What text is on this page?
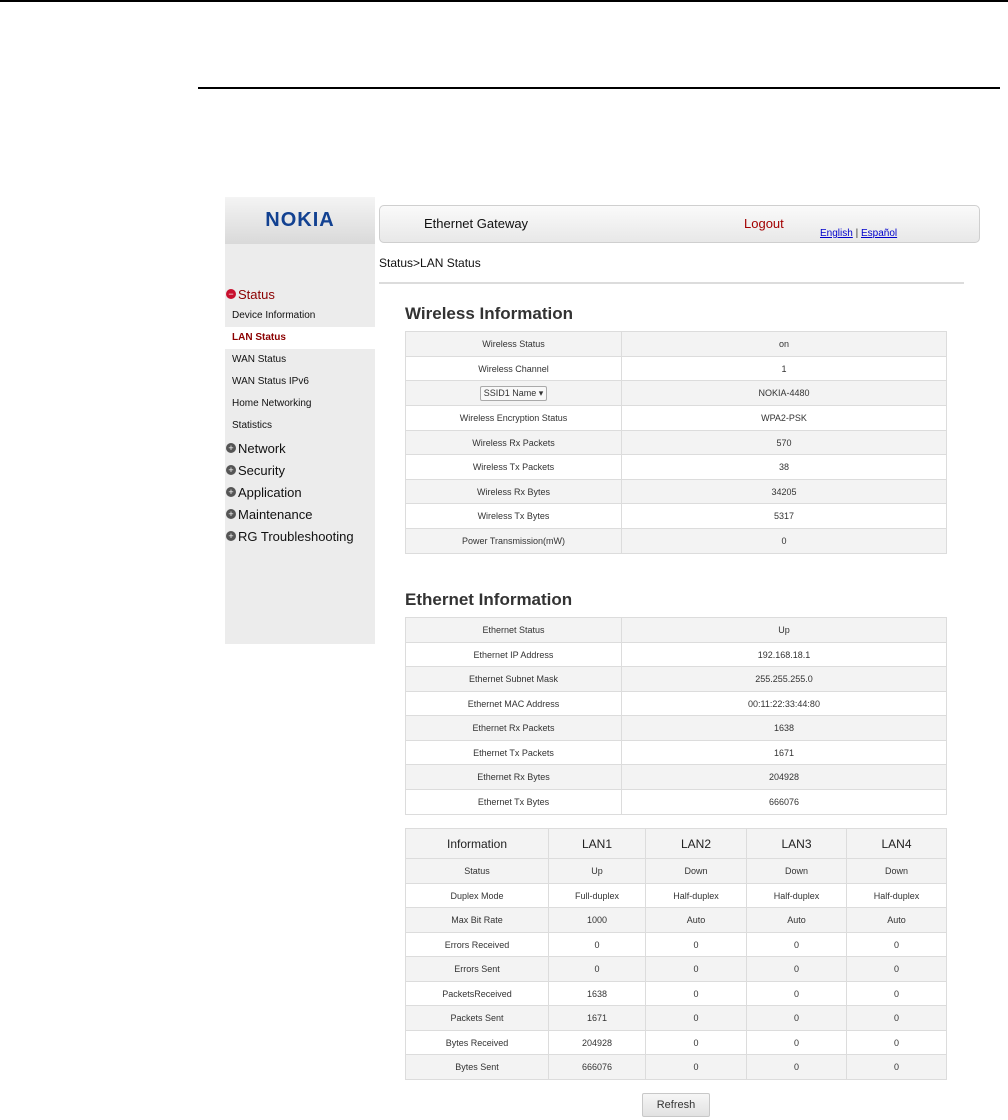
NOKIA
− Status
Device Information
LAN Status
WAN Status
WAN Status IPv6
Home Networking
Statistics
+ Network
+ Security
+ Application
+ Maintenance
+ RG Troubleshooting
Ethernet Gateway	Logout
English | Español
Status>LAN Status
Wireless Information
Wireless Status	on
Wireless Channel	1
SSID1 Name ▾	NOKIA-4480
Wireless Encryption Status	WPA2-PSK
Wireless Rx Packets	570
Wireless Tx Packets	38
Wireless Rx Bytes	34205
Wireless Tx Bytes	5317
Power Transmission(mW)	0
Ethernet Information
Ethernet Status	Up
Ethernet IP Address	192.168.18.1
Ethernet Subnet Mask	255.255.255.0
Ethernet MAC Address	00:11:22:33:44:80
Ethernet Rx Packets	1638
Ethernet Tx Packets	1671
Ethernet Rx Bytes	204928
Ethernet Tx Bytes	666076
Information	LAN1	LAN2	LAN3	LAN4
Status	Up	Down	Down	Down
Duplex Mode	Full-duplex	Half-duplex	Half-duplex	Half-duplex
Max Bit Rate	1000	Auto	Auto	Auto
Errors Received	0	0	0	0
Errors Sent	0	0	0	0
PacketsReceived	1638	0	0	0
Packets Sent	1671	0	0	0
Bytes Received	204928	0	0	0
Bytes Sent	666076	0	0	0
Refresh
